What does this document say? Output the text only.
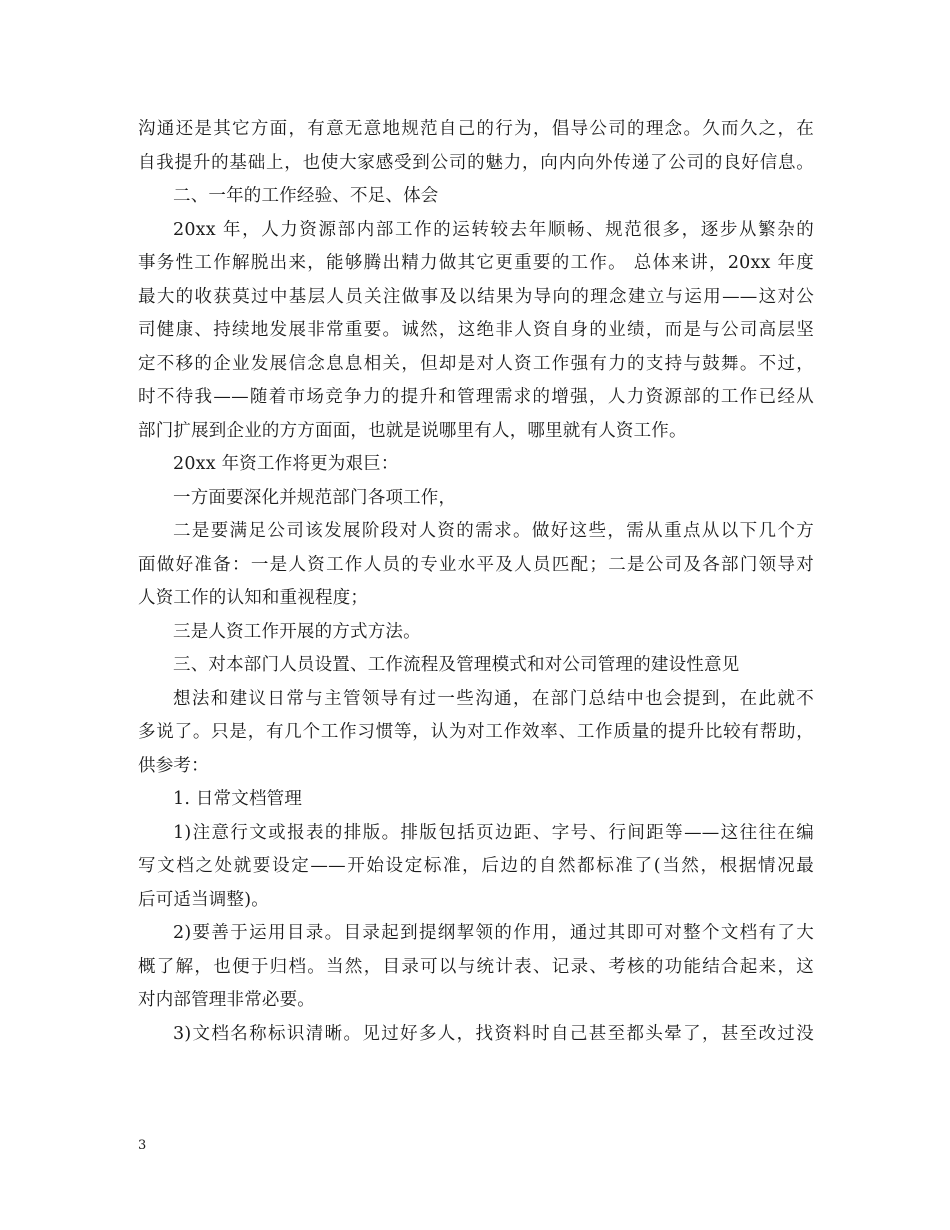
沟通还是其它方面，有意无意地规范自己的行为，倡导公司的理念。久而久之，在
自我提升的基础上，也使大家感受到公司的魅力，向内向外传递了公司的良好信息。
二、一年的工作经验、不足、体会
20xx 年，人力资源部内部工作的运转较去年顺畅、规范很多，逐步从繁杂的
事务性工作解脱出来，能够腾出精力做其它更重要的工作。 总体来讲，20xx 年度
最大的收获莫过中基层人员关注做事及以结果为导向的理念建立与运用——这对公
司健康、持续地发展非常重要。诚然，这绝非人资自身的业绩，而是与公司高层坚
定不移的企业发展信念息息相关，但却是对人资工作强有力的支持与鼓舞。不过，
时不待我——随着市场竞争力的提升和管理需求的增强，人力资源部的工作已经从
部门扩展到企业的方方面面，也就是说哪里有人，哪里就有人资工作。
20xx 年资工作将更为艰巨：
一方面要深化并规范部门各项工作，
二是要满足公司该发展阶段对人资的需求。做好这些，需从重点从以下几个方
面做好准备：一是人资工作人员的专业水平及人员匹配；二是公司及各部门领导对
人资工作的认知和重视程度；
三是人资工作开展的方式方法。
三、对本部门人员设置、工作流程及管理模式和对公司管理的建设性意见
想法和建议日常与主管领导有过一些沟通，在部门总结中也会提到，在此就不
多说了。只是，有几个工作习惯等，认为对工作效率、工作质量的提升比较有帮助，
供参考：
1. 日常文档管理
1)注意行文或报表的排版。排版包括页边距、字号、行间距等——这往往在编
写文档之处就要设定——开始设定标准，后边的自然都标准了(当然，根据情况最
后可适当调整)。
2)要善于运用目录。目录起到提纲挈领的作用，通过其即可对整个文档有了大
概了解，也便于归档。当然，目录可以与统计表、记录、考核的功能结合起来，这
对内部管理非常必要。
3)文档名称标识清晰。见过好多人，找资料时自己甚至都头晕了，甚至改过没
3
